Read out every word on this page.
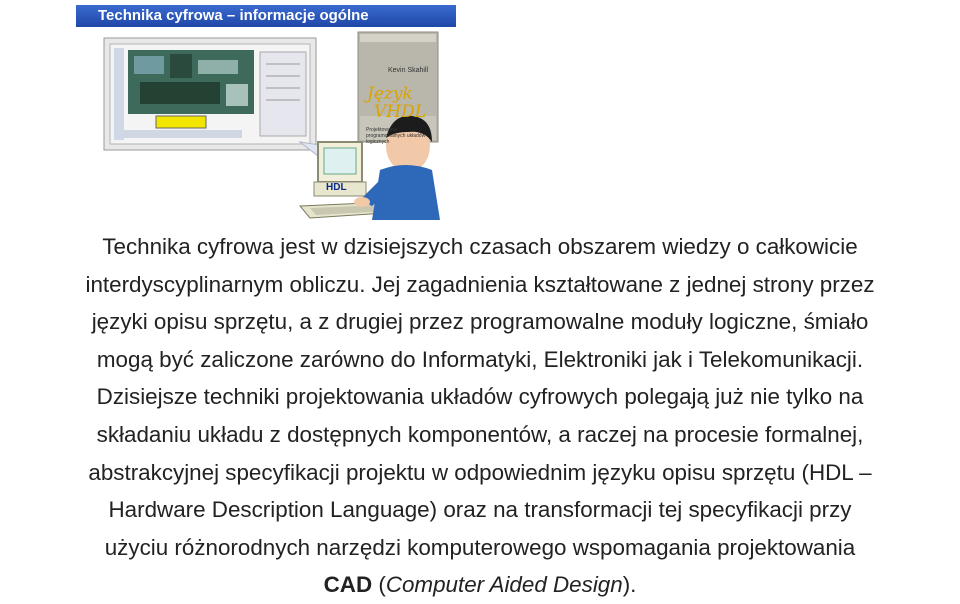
Technika cyfrowa – informacje ogólne
Kevin Skahill
Język
VHDL
Projektowanie programowalnych układów logicznych
HDL
Technika cyfrowa jest w dzisiejszych czasach obszarem wiedzy o całkowicie
interdyscyplinarnym obliczu. Jej zagadnienia kształtowane z jednej strony przez
języki opisu sprzętu, a z drugiej przez programowalne moduły logiczne, śmiało
mogą być zaliczone zarówno do Informatyki, Elektroniki jak i Telekomunikacji.
Dzisiejsze techniki projektowania układów cyfrowych polegają już nie tylko na
składaniu układu z dostępnych komponentów, a raczej na procesie formalnej,
abstrakcyjnej specyfikacji projektu w odpowiednim języku opisu sprzętu (HDL –
Hardware Description Language) oraz na transformacji tej specyfikacji przy
użyciu różnorodnych narzędzi komputerowego wspomagania projektowania
CAD (Computer Aided Design).
